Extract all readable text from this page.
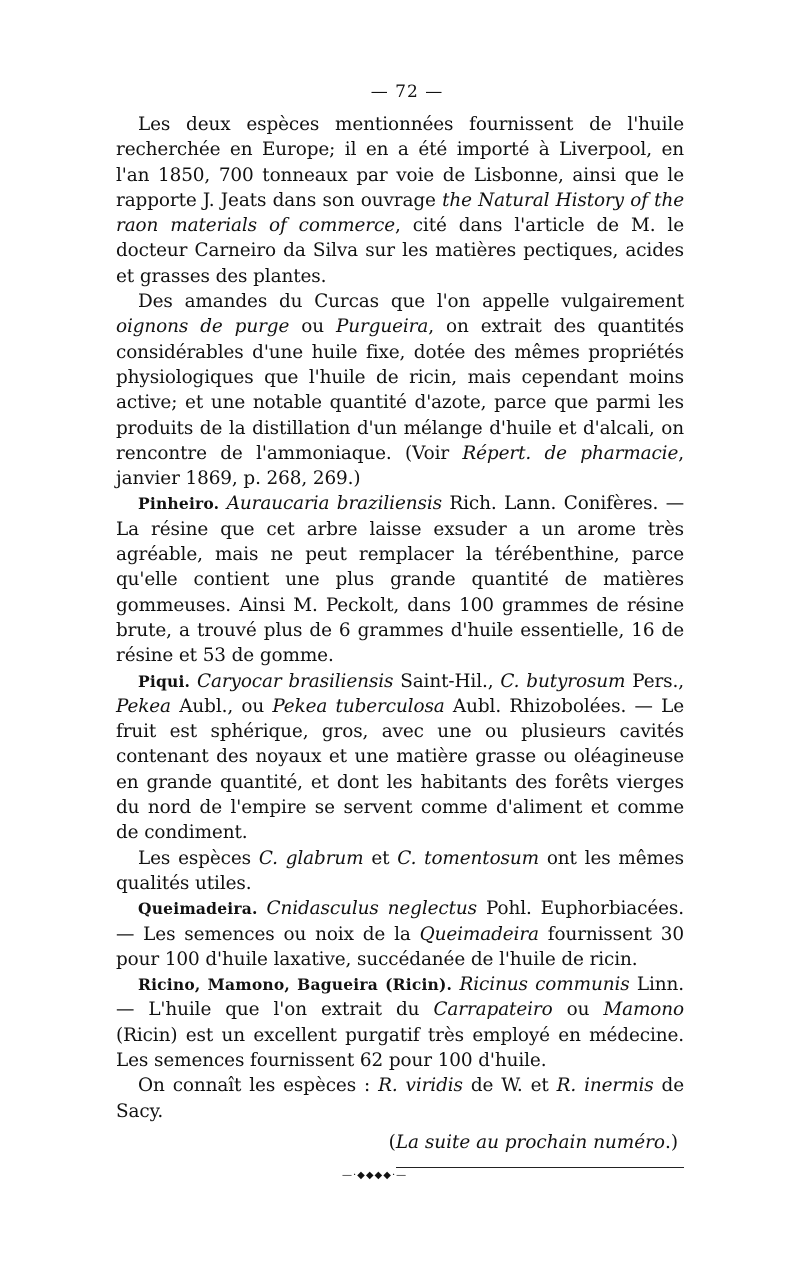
— 72 —

Les deux espèces mentionnées fournissent de l'huile recherchée en Europe; il en a été importé à Liverpool, en l'an 1850, 700 tonneaux par voie de Lisbonne, ainsi que le rapporte J. Jeats dans son ouvrage the Natural History of the raon materials of commerce, cité dans l'article de M. le docteur Carneiro da Silva sur les matières pectiques, acides et grasses des plantes.

Des amandes du Curcas que l'on appelle vulgairement oignons de purge ou Purgueira, on extrait des quantités considérables d'une huile fixe, dotée des mêmes propriétés physiologiques que l'huile de ricin, mais cependant moins active; et une notable quantité d'azote, parce que parmi les produits de la distillation d'un mélange d'huile et d'alcali, on rencontre de l'ammoniaque. (Voir Répert. de pharmacie, janvier 1869, p. 268, 269.)

Pinheiro. Auraucaria braziliensis Rich. Lann. Conifères. — La résine que cet arbre laisse exsuder a un arome très agréable, mais ne peut remplacer la térébenthine, parce qu'elle contient une plus grande quantité de matières gommeuses. Ainsi M. Peckolt, dans 100 grammes de résine brute, a trouvé plus de 6 grammes d'huile essentielle, 16 de résine et 53 de gomme.

Piqui. Caryocar brasiliensis Saint-Hil., C. butyrosum Pers., Pekea Aubl., ou Pekea tuberculosa Aubl. Rhizobolées. — Le fruit est sphérique, gros, avec une ou plusieurs cavités contenant des noyaux et une matière grasse ou oléagineuse en grande quantité, et dont les habitants des forêts vierges du nord de l'empire se servent comme d'aliment et comme de condiment.

Les espèces C. glabrum et C. tomentosum ont les mêmes qualités utiles.

Queimadeira. Cnidasculus neglectus Pohl. Euphorbiacées. — Les semences ou noix de la Queimadeira fournissent 30 pour 100 d'huile laxative, succédanée de l'huile de ricin.

Ricino, Mamono, Bagueira (Ricin). Ricinus communis Linn. — L'huile que l'on extrait du Carrapateiro ou Mamono (Ricin) est un excellent purgatif très employé en médecine. Les semences fournissent 62 pour 100 d'huile.

On connaît les espèces : R. viridis de W. et R. inermis de Sacy.

(La suite au prochain numéro.)
—·◆◆◆◆·—
